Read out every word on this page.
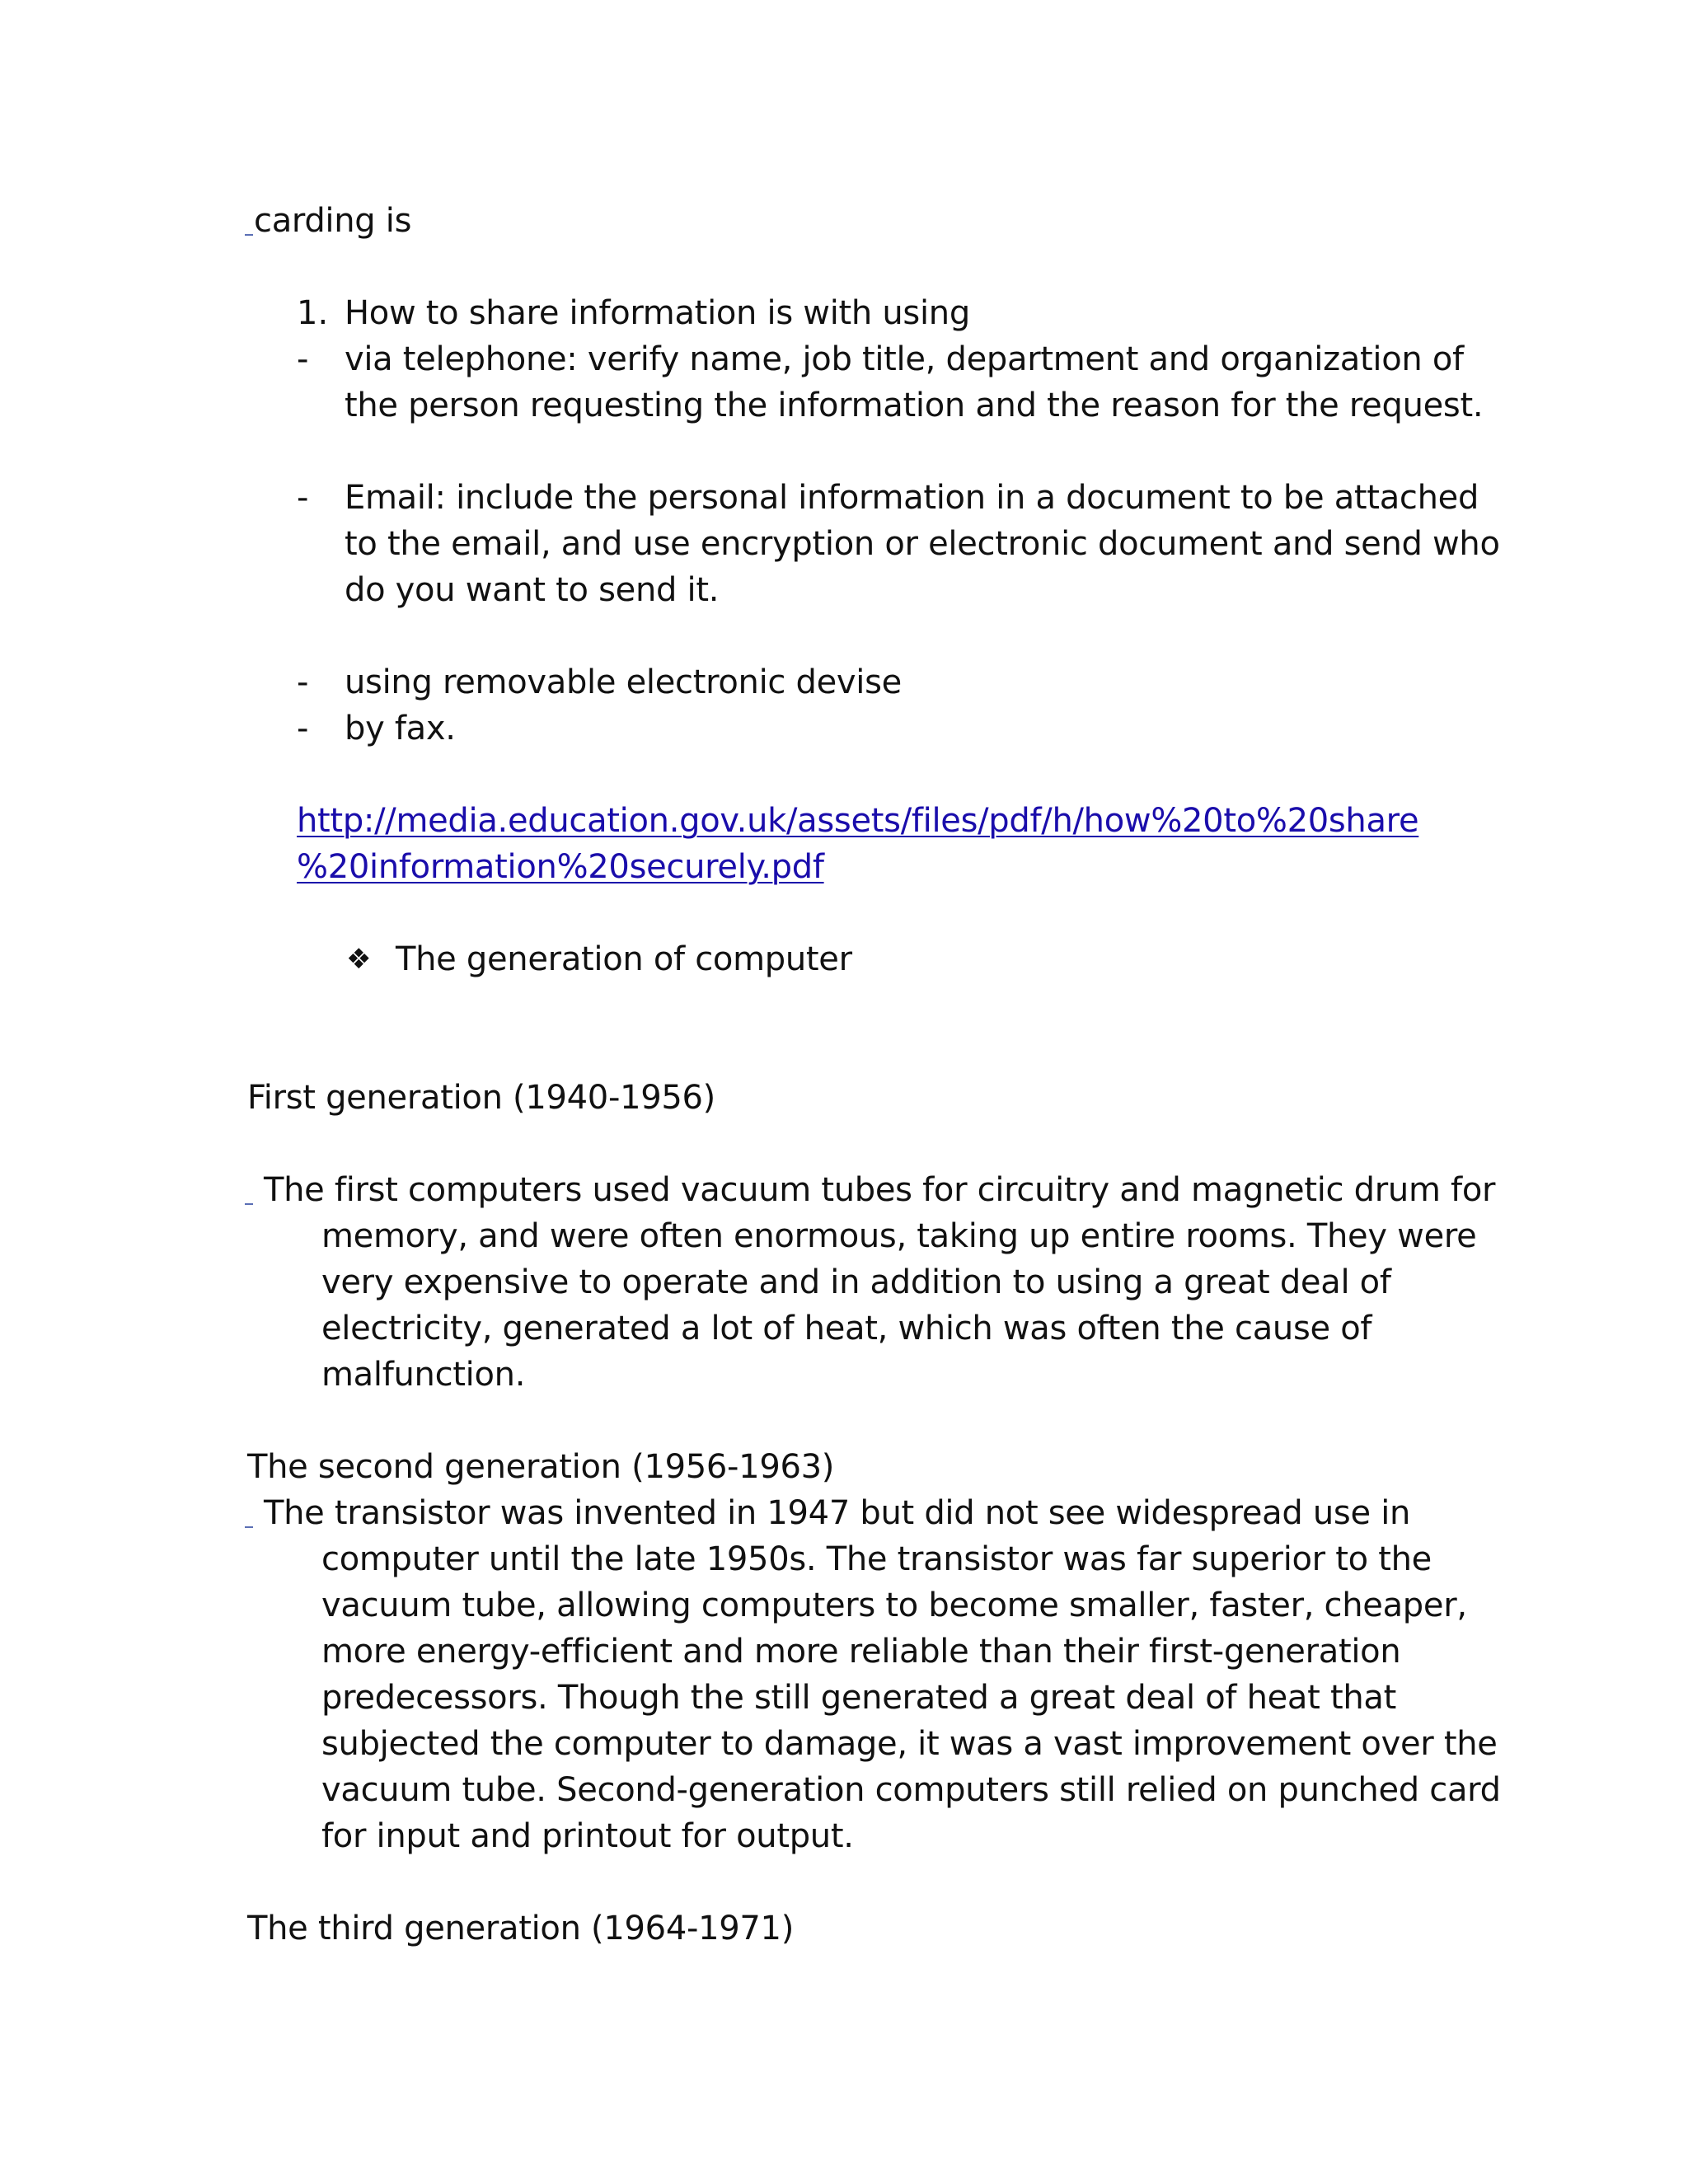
carding is
1. How to share information is with using
- via telephone: verify name, job title, department and organization of
the person requesting the information and the reason for the request.
- Email: include the personal information in a document to be attached
to the email, and use encryption or electronic document and send who
do you want to send it.
- using removable electronic devise
- by fax.
http://media.education.gov.uk/assets/files/pdf/h/how%20to%20share
%20information%20securely.pdf
❖ The generation of computer
First generation (1940-1956)
The first computers used vacuum tubes for circuitry and magnetic drum for
memory, and were often enormous, taking up entire rooms. They were
very expensive to operate and in addition to using a great deal of
electricity, generated a lot of heat, which was often the cause of
malfunction.
The second generation (1956-1963)
The transistor was invented in 1947 but did not see widespread use in
computer until the late 1950s. The transistor was far superior to the
vacuum tube, allowing computers to become smaller, faster, cheaper,
more energy-efficient and more reliable than their first-generation
predecessors. Though the still generated a great deal of heat that
subjected the computer to damage, it was a vast improvement over the
vacuum tube. Second-generation computers still relied on punched card
for input and printout for output.
The third generation (1964-1971)
